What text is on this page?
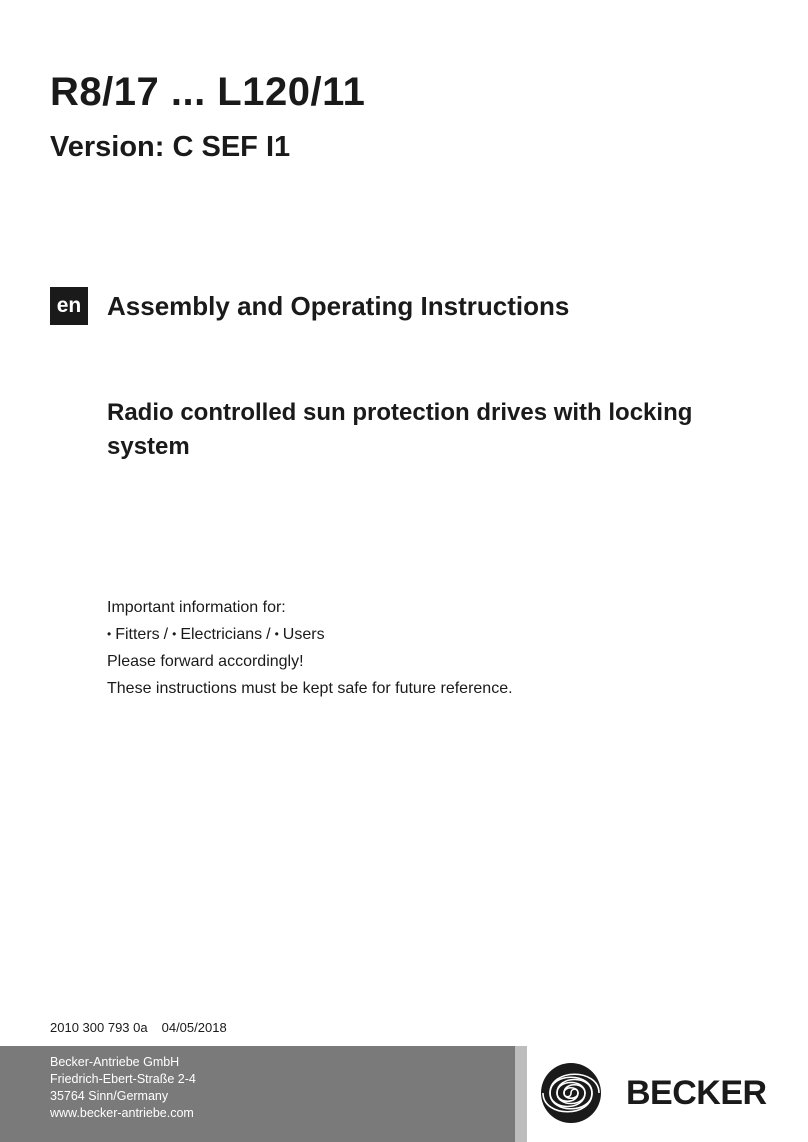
R8/17 ... L120/11
Version: C SEF I1
en Assembly and Operating Instructions
Radio controlled sun protection drives with locking system

Important information for:

• Fitters / • Electricians / • Users

Please forward accordingly!

These instructions must be kept safe for future reference.

2010 300 793 0a 04/05/2018
Becker-Antriebe GmbH
Friedrich-Ebert-Straße 2-4
35764 Sinn/Germany
www.becker-antriebe.com
BECKER
